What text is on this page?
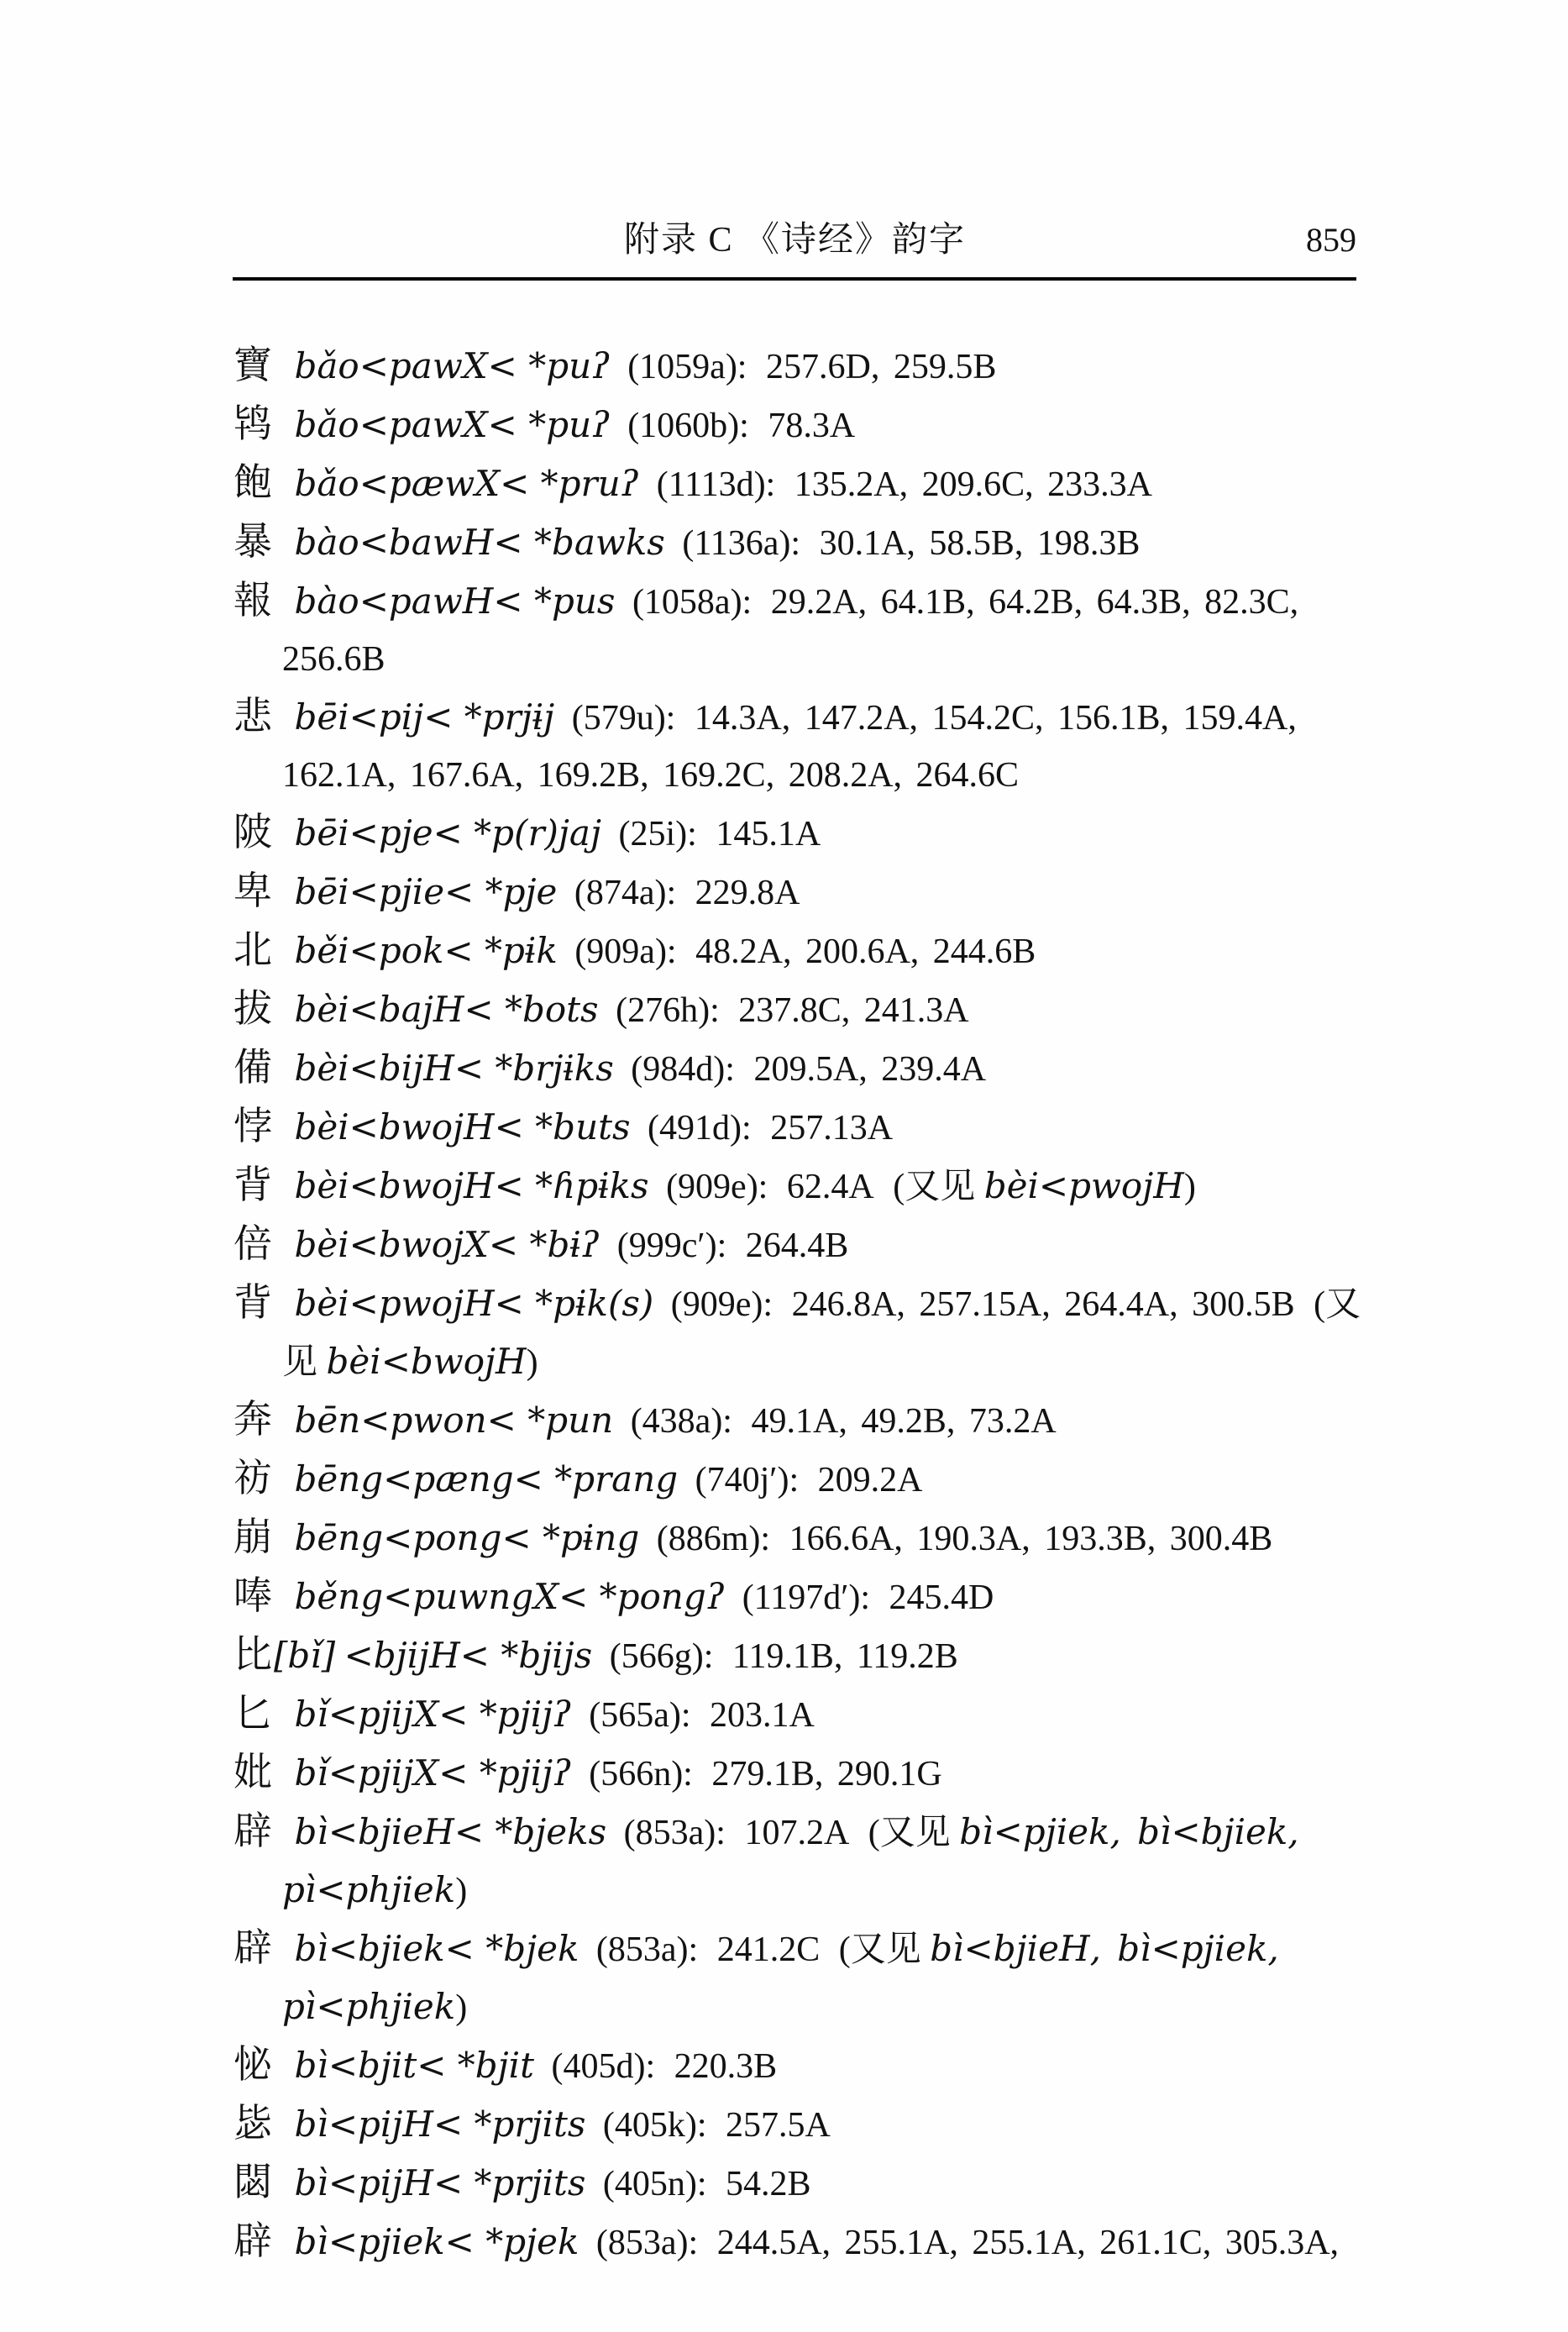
859
附录 C 《诗经》韵字
寶 bǎo<pawX< *puʔ (1059a): 257.6D, 259.5B
鸨 bǎo<pawX< *puʔ (1060b): 78.3A
飽 bǎo<pæwX< *pruʔ (1113d): 135.2A, 209.6C, 233.3A
暴 bào<bawH< *bawks (1136a): 30.1A, 58.5B, 198.3B
報 bào<pawH< *pus (1058a): 29.2A, 64.1B, 64.2B, 64.3B, 82.3C, 256.6B
悲 bēi<pij< *prjɨj (579u): 14.3A, 147.2A, 154.2C, 156.1B, 159.4A, 162.1A, 167.6A, 169.2B, 169.2C, 208.2A, 264.6C
陂 bēi<pje< *p(r)jaj (25i): 145.1A
卑 bēi<pjie< *pje (874a): 229.8A
北 běi<pok< *pɨk (909a): 48.2A, 200.6A, 244.6B
拔 bèi<bajH< *bots (276h): 237.8C, 241.3A
備 bèi<bijH< *brjɨks (984d): 209.5A, 239.4A
悖 bèi<bwojH< *buts (491d): 257.13A
背 bèi<bwojH< *ɦpɨks (909e): 62.4A (又见 bèi<pwojH)
倍 bèi<bwojX< *bɨʔ (999c′): 264.4B
背 bèi<pwojH< *pɨk(s) (909e): 246.8A, 257.15A, 264.4A, 300.5B (又见 bèi<bwojH)
奔 bēn<pwon< *pun (438a): 49.1A, 49.2B, 73.2A
祊 bēng<pæng< *prang (740j′): 209.2A
崩 bēng<pong< *pɨng (886m): 166.6A, 190.3A, 193.3B, 300.4B
唪 běng<puwngX< *pongʔ (1197d′): 245.4D
比[bǐ] <bjijH< *bjijs (566g): 119.1B, 119.2B
匕 bǐ<pjijX< *pjijʔ (565a): 203.1A
妣 bǐ<pjijX< *pjijʔ (566n): 279.1B, 290.1G
辟 bì<bjieH< *bjeks (853a): 107.2A (又见 bì<pjiek, bì<bjiek, pì<phjiek)
辟 bì<bjiek< *bjek (853a): 241.2C (又见 bì<bjieH, bì<pjiek, pì<phjiek)
怭 bì<bjit< *bjit (405d): 220.3B
毖 bì<pijH< *prjits (405k): 257.5A
閟 bì<pijH< *prjits (405n): 54.2B
辟 bì<pjiek< *pjek (853a): 244.5A, 255.1A, 255.1A, 261.1C, 305.3A,
